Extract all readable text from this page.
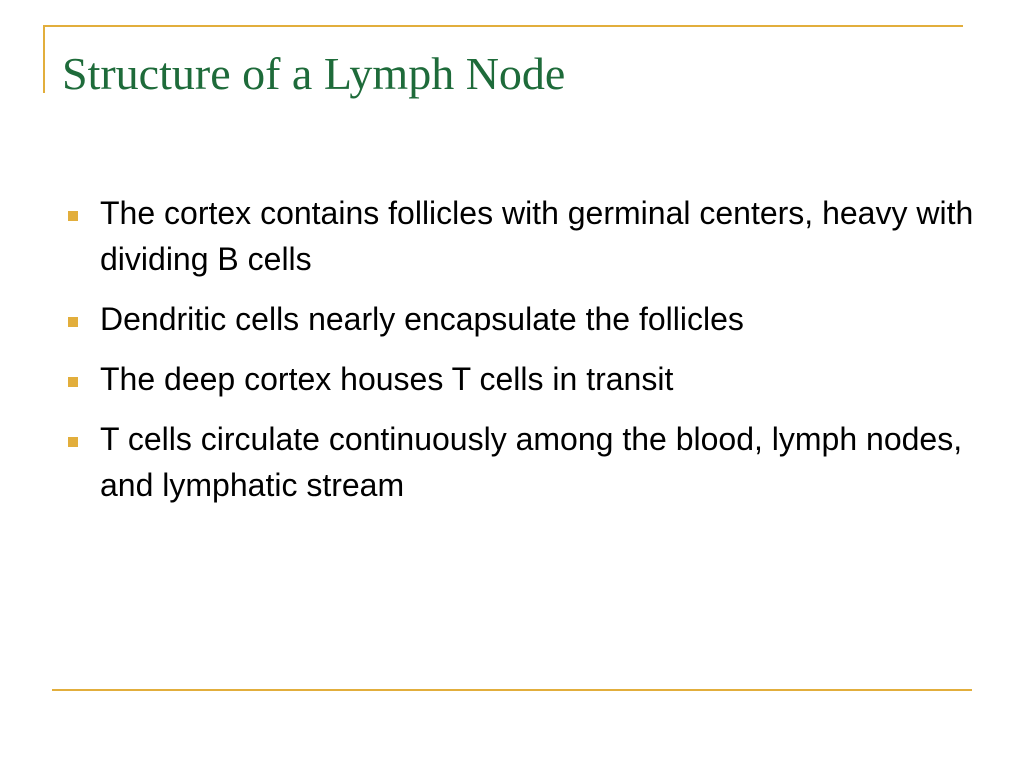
Structure of a Lymph Node
The cortex contains follicles with germinal centers, heavy with dividing B cells
Dendritic cells nearly encapsulate the follicles
The deep cortex houses T cells in transit
T cells circulate continuously among the blood, lymph nodes, and lymphatic stream
